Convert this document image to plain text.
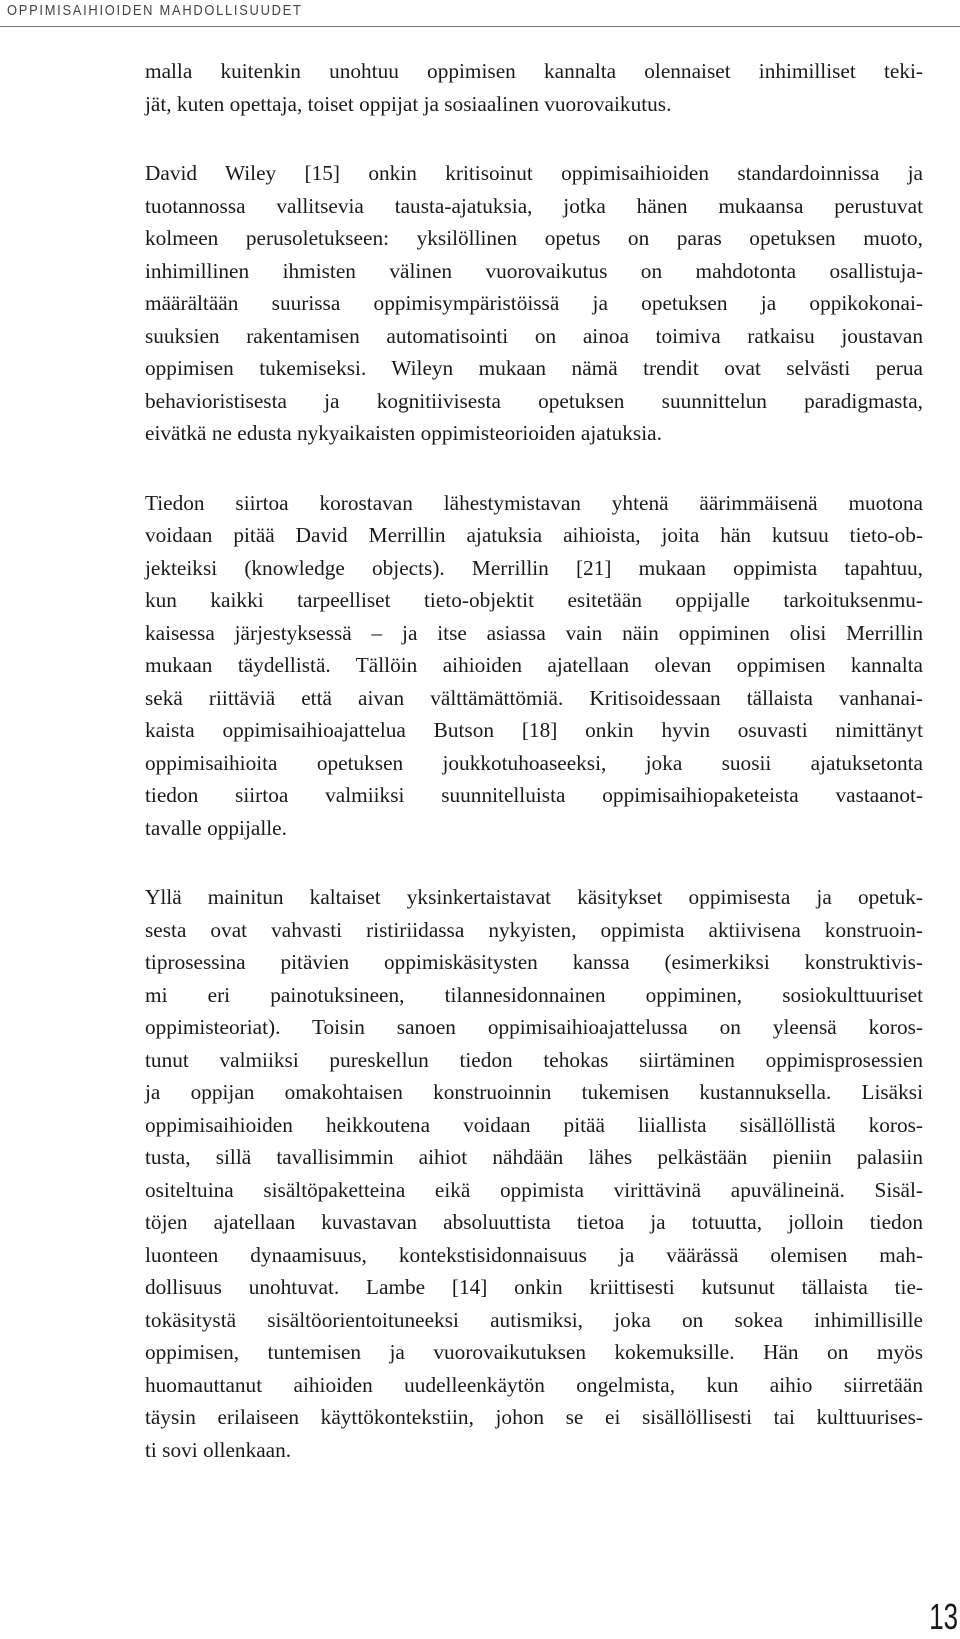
OPPIMISAIHIOIDEN MAHDOLLISUUDET

malla kuitenkin unohtuu oppimisen kannalta olennaiset inhimilliset teki-
jät, kuten opettaja, toiset oppijat ja sosiaalinen vuorovaikutus.

David Wiley [15] onkin kritisoinut oppimisaihioiden standardoinnissa ja
tuotannossa vallitsevia tausta-ajatuksia, jotka hänen mukaansa perustuvat
kolmeen perusoletukseen: yksilöllinen opetus on paras opetuksen muoto,
inhimillinen ihmisten välinen vuorovaikutus on mahdotonta osallistuja-
määrältään suurissa oppimisympäristöissä ja opetuksen ja oppikokonai-
suuksien rakentamisen automatisointi on ainoa toimiva ratkaisu joustavan
oppimisen tukemiseksi. Wileyn mukaan nämä trendit ovat selvästi perua
behavioristisesta ja kognitiivisesta opetuksen suunnittelun paradigmasta,
eivätkä ne edusta nykyaikaisten oppimisteorioiden ajatuksia.

Tiedon siirtoa korostavan lähestymistavan yhtenä äärimmäisenä muotona
voidaan pitää David Merrillin ajatuksia aihioista, joita hän kutsuu tieto-ob-
jekteiksi (knowledge objects). Merrillin [21] mukaan oppimista tapahtuu,
kun kaikki tarpeelliset tieto-objektit esitetään oppijalle tarkoituksenmu-
kaisessa järjestyksessä – ja itse asiassa vain näin oppiminen olisi Merrillin
mukaan täydellistä. Tällöin aihioiden ajatellaan olevan oppimisen kannalta
sekä riittäviä että aivan välttämättömiä. Kritisoidessaan tällaista vanhanai-
kaista oppimisaihioajattelua Butson [18] onkin hyvin osuvasti nimittänyt
oppimisaihioita opetuksen joukkotuhoaseeksi, joka suosii ajatuksetonta
tiedon siirtoa valmiiksi suunnitelluista oppimisaihiopaketeista vastaanot-
tavalle oppijalle.

Yllä mainitun kaltaiset yksinkertaistavat käsitykset oppimisesta ja opetuk-
sesta ovat vahvasti ristiriidassa nykyisten, oppimista aktiivisena konstruoin-
tiprosessina pitävien oppimiskäsitysten kanssa (esimerkiksi konstruktivis-
mi eri painotuksineen, tilannesidonnainen oppiminen, sosiokulttuuriset
oppimisteoriat). Toisin sanoen oppimisaihioajattelussa on yleensä koros-
tunut valmiiksi pureskellun tiedon tehokas siirtäminen oppimisprosessien
ja oppijan omakohtaisen konstruoinnin tukemisen kustannuksella. Lisäksi
oppimisaihioiden heikkoutena voidaan pitää liiallista sisällöllistä koros-
tusta, sillä tavallisimmin aihiot nähdään lähes pelkästään pieniin palasiin
ositeltuina sisältöpaketteina eikä oppimista virittävinä apuvälineinä. Sisäl-
töjen ajatellaan kuvastavan absoluuttista tietoa ja totuutta, jolloin tiedon
luonteen dynaamisuus, kontekstisidonnaisuus ja väärässä olemisen mah-
dollisuus unohtuvat. Lambe [14] onkin kriittisesti kutsunut tällaista tie-
tokäsitystä sisältöorientoituneeksi autismiksi, joka on sokea inhimillisille
oppimisen, tuntemisen ja vuorovaikutuksen kokemuksille. Hän on myös
huomauttanut aihioiden uudelleenkäytön ongelmista, kun aihio siirretään
täysin erilaiseen käyttökontekstiin, johon se ei sisällöllisesti tai kulttuurises-
ti sovi ollenkaan.

13
